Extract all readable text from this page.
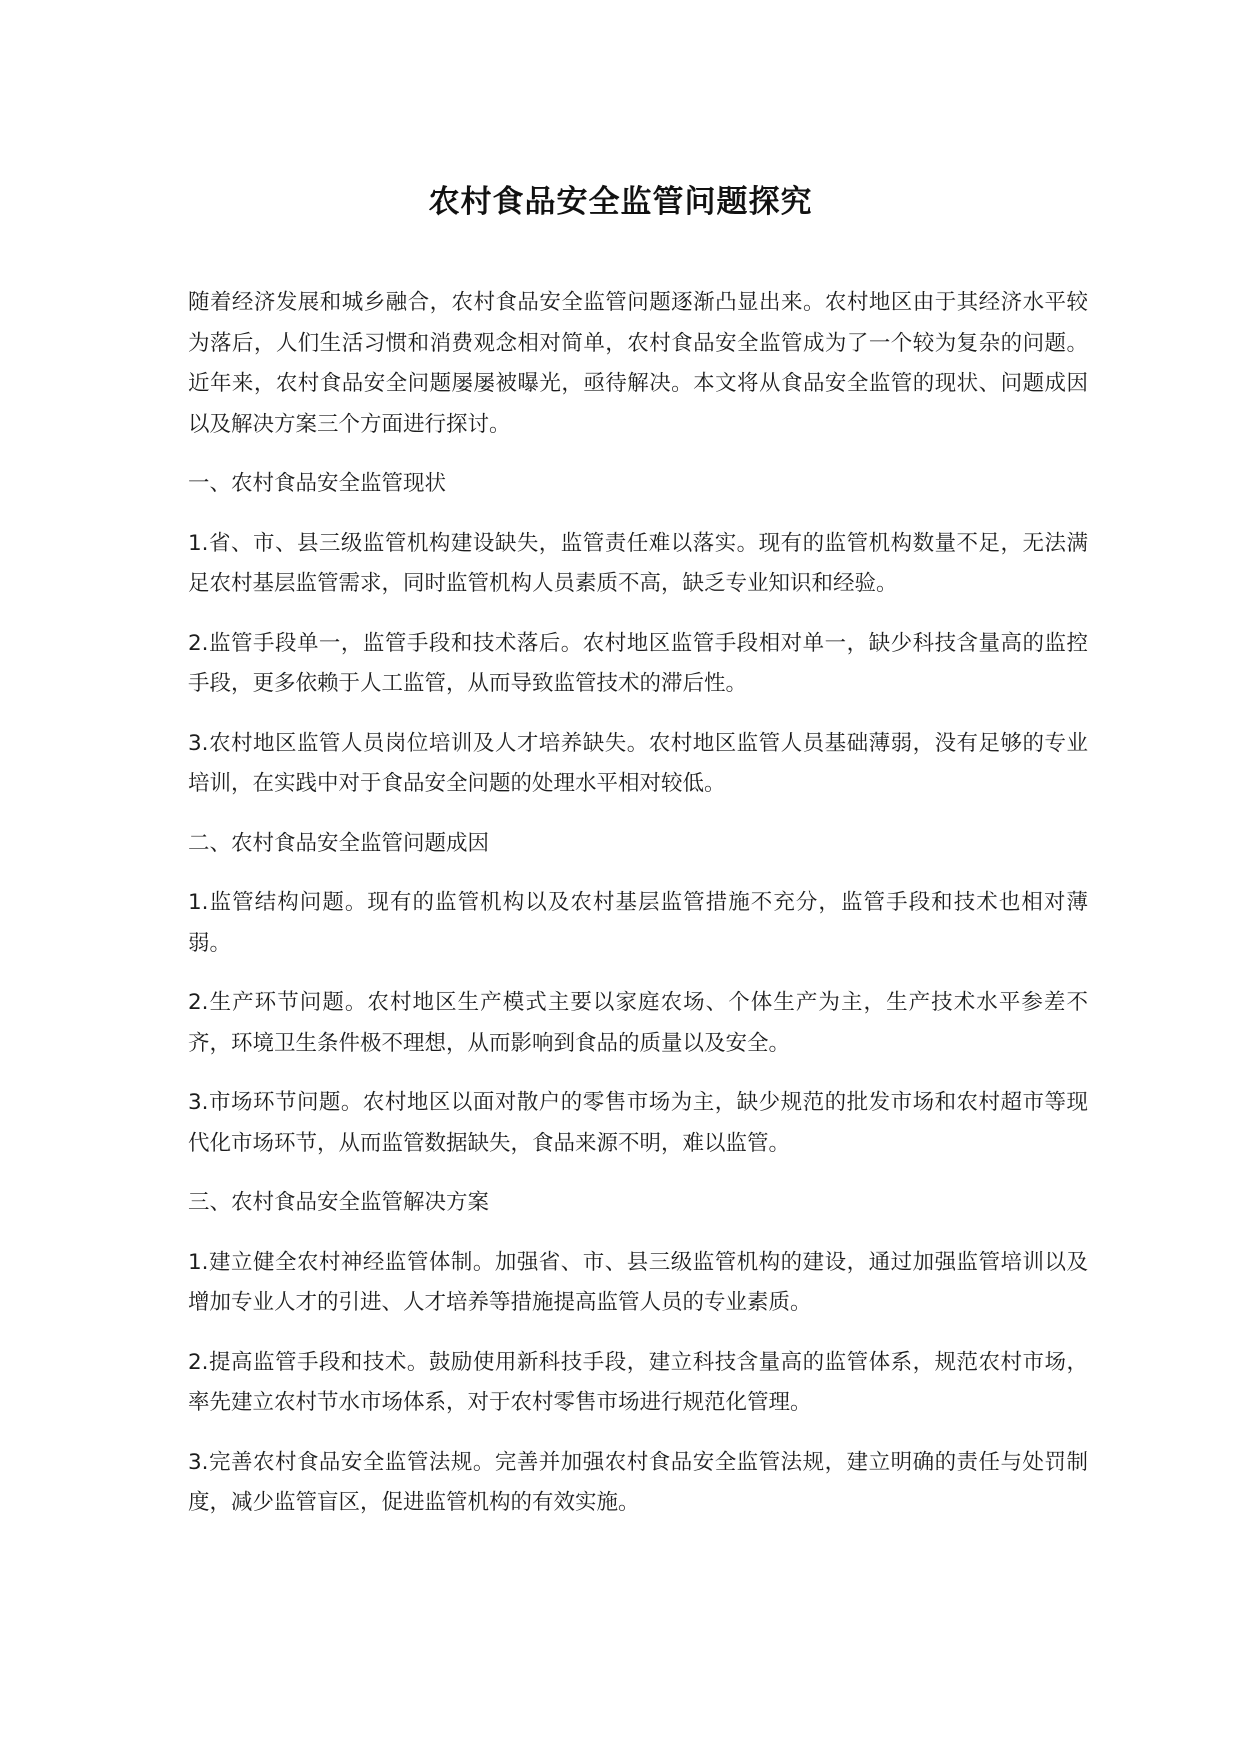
农村食品安全监管问题探究

随着经济发展和城乡融合，农村食品安全监管问题逐渐凸显出来。农村地区由于其经济水平较为落后，人们生活习惯和消费观念相对简单，农村食品安全监管成为了一个较为复杂的问题。近年来，农村食品安全问题屡屡被曝光，亟待解决。本文将从食品安全监管的现状、问题成因以及解决方案三个方面进行探讨。

一、农村食品安全监管现状

1.省、市、县三级监管机构建设缺失，监管责任难以落实。现有的监管机构数量不足，无法满足农村基层监管需求，同时监管机构人员素质不高，缺乏专业知识和经验。

2.监管手段单一，监管手段和技术落后。农村地区监管手段相对单一，缺少科技含量高的监控手段，更多依赖于人工监管，从而导致监管技术的滞后性。

3.农村地区监管人员岗位培训及人才培养缺失。农村地区监管人员基础薄弱，没有足够的专业培训，在实践中对于食品安全问题的处理水平相对较低。

二、农村食品安全监管问题成因

1.监管结构问题。现有的监管机构以及农村基层监管措施不充分，监管手段和技术也相对薄弱。

2.生产环节问题。农村地区生产模式主要以家庭农场、个体生产为主，生产技术水平参差不齐，环境卫生条件极不理想，从而影响到食品的质量以及安全。

3.市场环节问题。农村地区以面对散户的零售市场为主，缺少规范的批发市场和农村超市等现代化市场环节，从而监管数据缺失，食品来源不明，难以监管。

三、农村食品安全监管解决方案

1.建立健全农村神经监管体制。加强省、市、县三级监管机构的建设，通过加强监管培训以及增加专业人才的引进、人才培养等措施提高监管人员的专业素质。

2.提高监管手段和技术。鼓励使用新科技手段，建立科技含量高的监管体系，规范农村市场，率先建立农村节水市场体系，对于农村零售市场进行规范化管理。

3.完善农村食品安全监管法规。完善并加强农村食品安全监管法规，建立明确的责任与处罚制度，减少监管盲区，促进监管机构的有效实施。
